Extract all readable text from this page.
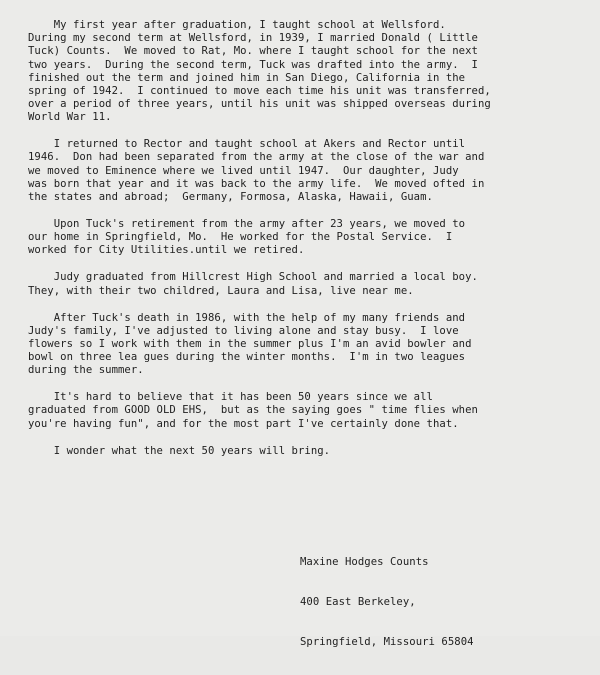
My first year after graduation, I taught school at Wellsford.
During my second term at Wellsford, in 1939, I married Donald ( Little
Tuck) Counts.  We moved to Rat, Mo. where I taught school for the next
two years.  During the second term, Tuck was drafted into the army.  I
finished out the term and joined him in San Diego, California in the
spring of 1942.  I continued to move each time his unit was transferred,
over a period of three years, until his unit was shipped overseas during
World War 11.
I returned to Rector and taught school at Akers and Rector until
1946.  Don had been separated from the army at the close of the war and
we moved to Eminence where we lived until 1947.  Our daughter, Judy
was born that year and it was back to the army life.  We moved ofted in
the states and abroad;  Germany, Formosa, Alaska, Hawaii, Guam.
Upon Tuck's retirement from the army after 23 years, we moved to
our home in Springfield, Mo.  He worked for the Postal Service.  I
worked for City Utilities.until we retired.
Judy graduated from Hillcrest High School and married a local boy.
They, with their two childred, Laura and Lisa, live near me.
After Tuck's death in 1986, with the help of my many friends and
Judy's family, I've adjusted to living alone and stay busy.  I love
flowers so I work with them in the summer plus I'm an avid bowler and
bowl on three lea gues during the winter months.  I'm in two leagues
during the summer.
It's hard to believe that it has been 50 years since we all
graduated from GOOD OLD EHS,  but as the saying goes " time flies when
you're having fun", and for the most part I've certainly done that.
I wonder what the next 50 years will bring.

Maxine Hodges Counts

400 East Berkeley,

Springfield, Missouri 65804
